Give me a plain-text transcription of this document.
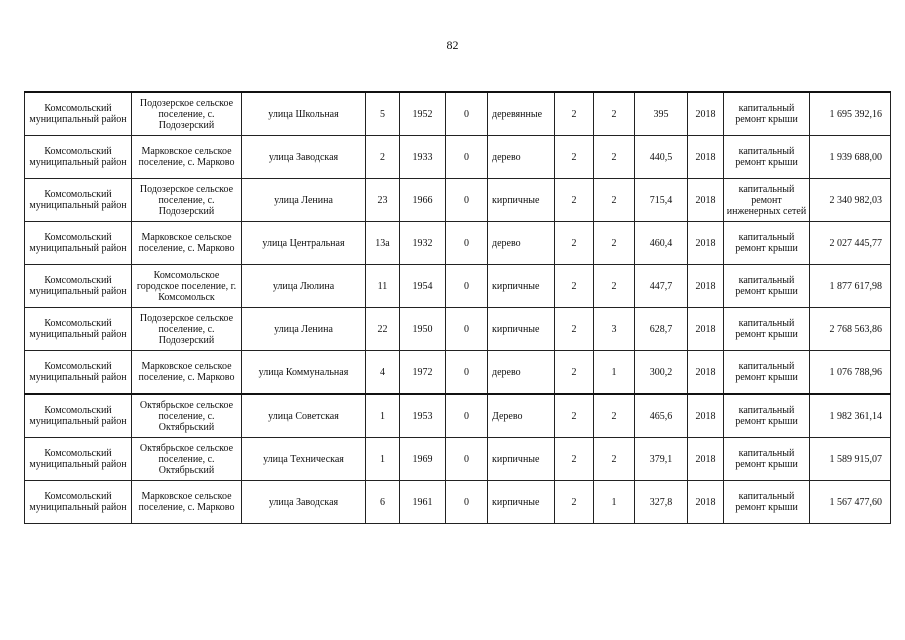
82
Комсомольский муниципальный район	Подозерское сельское поселение, с. Подозерский	улица Школьная	5	1952	0	деревянные	2	2	395	2018	капитальный ремонт крыши	1 695 392,16
Комсомольский муниципальный район	Марковское сельское поселение, с. Марково	улица Заводская	2	1933	0	дерево	2	2	440,5	2018	капитальный ремонт крыши	1 939 688,00
Комсомольский муниципальный район	Подозерское сельское поселение, с. Подозерский	улица Ленина	23	1966	0	кирпичные	2	2	715,4	2018	капитальный ремонт инженерных сетей	2 340 982,03
Комсомольский муниципальный район	Марковское сельское поселение, с. Марково	улица Центральная	13а	1932	0	дерево	2	2	460,4	2018	капитальный ремонт крыши	2 027 445,77
Комсомольский муниципальный район	Комсомольское городское поселение, г. Комсомольск	улица Люлина	11	1954	0	кирпичные	2	2	447,7	2018	капитальный ремонт крыши	1 877 617,98
Комсомольский муниципальный район	Подозерское сельское поселение, с. Подозерский	улица Ленина	22	1950	0	кирпичные	2	3	628,7	2018	капитальный ремонт крыши	2 768 563,86
Комсомольский муниципальный район	Марковское сельское поселение, с. Марково	улица Коммунальная	4	1972	0	дерево	2	1	300,2	2018	капитальный ремонт крыши	1 076 788,96
Комсомольский муниципальный район	Октябрьское сельское поселение, с. Октябрьский	улица Советская	1	1953	0	Дерево	2	2	465,6	2018	капитальный ремонт крыши	1 982 361,14
Комсомольский муниципальный район	Октябрьское сельское поселение, с. Октябрьский	улица Техническая	1	1969	0	кирпичные	2	2	379,1	2018	капитальный ремонт крыши	1 589 915,07
Комсомольский муниципальный район	Марковское сельское поселение, с. Марково	улица Заводская	6	1961	0	кирпичные	2	1	327,8	2018	капитальный ремонт крыши	1 567 477,60
